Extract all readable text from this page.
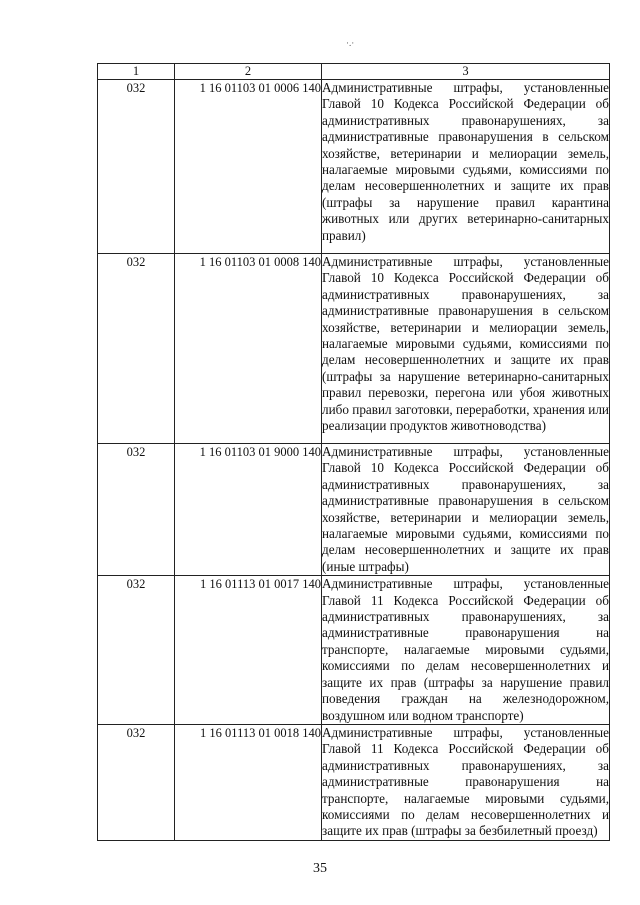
·.·
1	2	3
032	1 16 01103 01 0006 140	Административные штрафы, установленные Главой 10 Кодекса Российской Федерации об административных правонарушениях, за административные правонарушения в сельском хозяйстве, ветеринарии и мелиорации земель, налагаемые мировыми судьями, комиссиями по делам несовершеннолетних и защите их прав (штрафы за нарушение правил карантина животных или других ветеринарно-санитарных правил)
032	1 16 01103 01 0008 140	Административные штрафы, установленные Главой 10 Кодекса Российской Федерации об административных правонарушениях, за административные правонарушения в сельском хозяйстве, ветеринарии и мелиорации земель, налагаемые мировыми судьями, комиссиями по делам несовершеннолетних и защите их прав (штрафы за нарушение ветеринарно-санитарных правил перевозки, перегона или убоя животных либо правил заготовки, переработки, хранения или реализации продуктов животноводства)
032	1 16 01103 01 9000 140	Административные штрафы, установленные Главой 10 Кодекса Российской Федерации об административных правонарушениях, за административные правонарушения в сельском хозяйстве, ветеринарии и мелиорации земель, налагаемые мировыми судьями, комиссиями по делам несовершеннолетних и защите их прав (иные штрафы)
032	1 16 01113 01 0017 140	Административные штрафы, установленные Главой 11 Кодекса Российской Федерации об административных правонарушениях, за административные правонарушения на транспорте, налагаемые мировыми судьями, комиссиями по делам несовершеннолетних и защите их прав (штрафы за нарушение правил поведения граждан на железнодорожном, воздушном или водном транспорте)
032	1 16 01113 01 0018 140	Административные штрафы, установленные Главой 11 Кодекса Российской Федерации об административных правонарушениях, за административные правонарушения на транспорте, налагаемые мировыми судьями, комиссиями по делам несовершеннолетних и защите их прав (штрафы за безбилетный проезд)
35
